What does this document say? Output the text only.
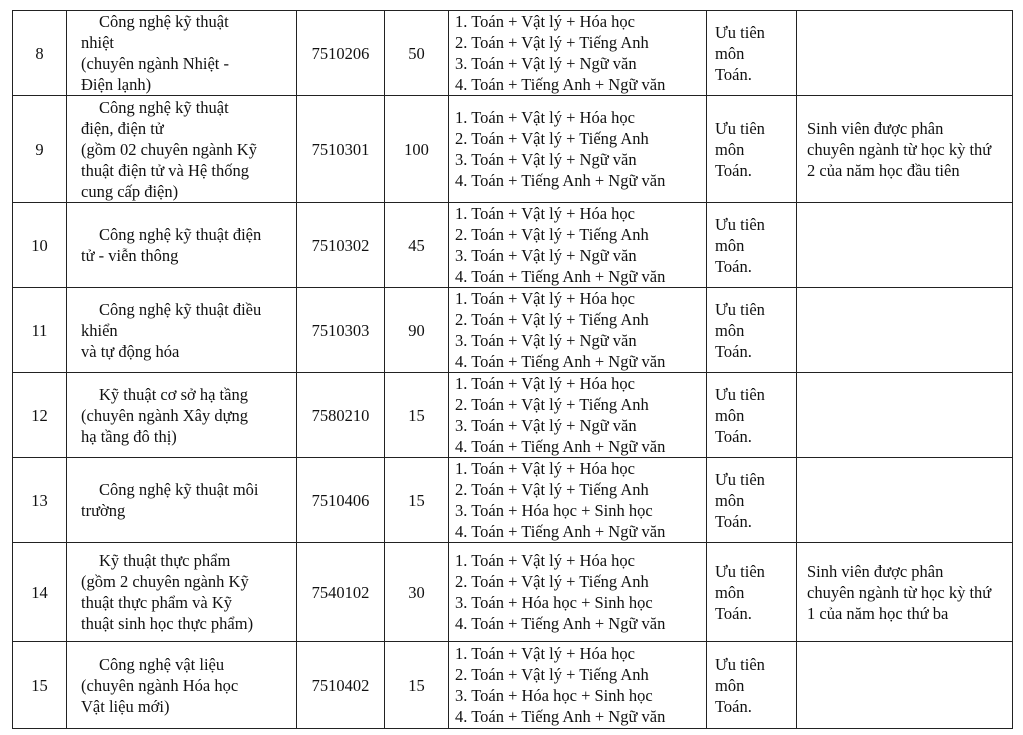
8	Công nghệ kỹ thuật
nhiệt
(chuyên ngành Nhiệt -
Điện lạnh)	7510206	50	1. Toán + Vật lý + Hóa học
2. Toán + Vật lý + Tiếng Anh
3. Toán + Vật lý + Ngữ văn
4. Toán + Tiếng Anh + Ngữ văn	Ưu tiên
môn
Toán.	

9	Công nghệ kỹ thuật
điện, điện tử
(gồm 02 chuyên ngành Kỹ
thuật điện tử và Hệ thống
cung cấp điện)	7510301	100	1. Toán + Vật lý + Hóa học
2. Toán + Vật lý + Tiếng Anh
3. Toán + Vật lý + Ngữ văn
4. Toán + Tiếng Anh + Ngữ văn	Ưu tiên
môn
Toán.	Sinh viên được phân
chuyên ngành từ học kỳ thứ
2 của năm học đầu tiên

10	Công nghệ kỹ thuật điện
tử - viễn thông	7510302	45	1. Toán + Vật lý + Hóa học
2. Toán + Vật lý + Tiếng Anh
3. Toán + Vật lý + Ngữ văn
4. Toán + Tiếng Anh + Ngữ văn	Ưu tiên
môn
Toán.	

11	Công nghệ kỹ thuật điều
khiển
và tự động hóa	7510303	90	1. Toán + Vật lý + Hóa học
2. Toán + Vật lý + Tiếng Anh
3. Toán + Vật lý + Ngữ văn
4. Toán + Tiếng Anh + Ngữ văn	Ưu tiên
môn
Toán.	

12	Kỹ thuật cơ sở hạ tầng
(chuyên ngành Xây dựng
hạ tầng đô thị)	7580210	15	1. Toán + Vật lý + Hóa học
2. Toán + Vật lý + Tiếng Anh
3. Toán + Vật lý + Ngữ văn
4. Toán + Tiếng Anh + Ngữ văn	Ưu tiên
môn
Toán.	

13	Công nghệ kỹ thuật môi
trường	7510406	15	1. Toán + Vật lý + Hóa học
2. Toán + Vật lý + Tiếng Anh
3. Toán + Hóa học + Sinh học
4. Toán + Tiếng Anh + Ngữ văn	Ưu tiên
môn
Toán.	

14	Kỹ thuật thực phẩm
(gồm 2 chuyên ngành Kỹ
thuật thực phẩm và Kỹ
thuật sinh học thực phẩm)	7540102	30	1. Toán + Vật lý + Hóa học
2. Toán + Vật lý + Tiếng Anh
3. Toán + Hóa học + Sinh học
4. Toán + Tiếng Anh + Ngữ văn	Ưu tiên
môn
Toán.	Sinh viên được phân
chuyên ngành từ học kỳ thứ
1 của năm học thứ ba

15	Công nghệ vật liệu
(chuyên ngành Hóa học
Vật liệu mới)	7510402	15	1. Toán + Vật lý + Hóa học
2. Toán + Vật lý + Tiếng Anh
3. Toán + Hóa học + Sinh học
4. Toán + Tiếng Anh + Ngữ văn	Ưu tiên
môn
Toán.	
